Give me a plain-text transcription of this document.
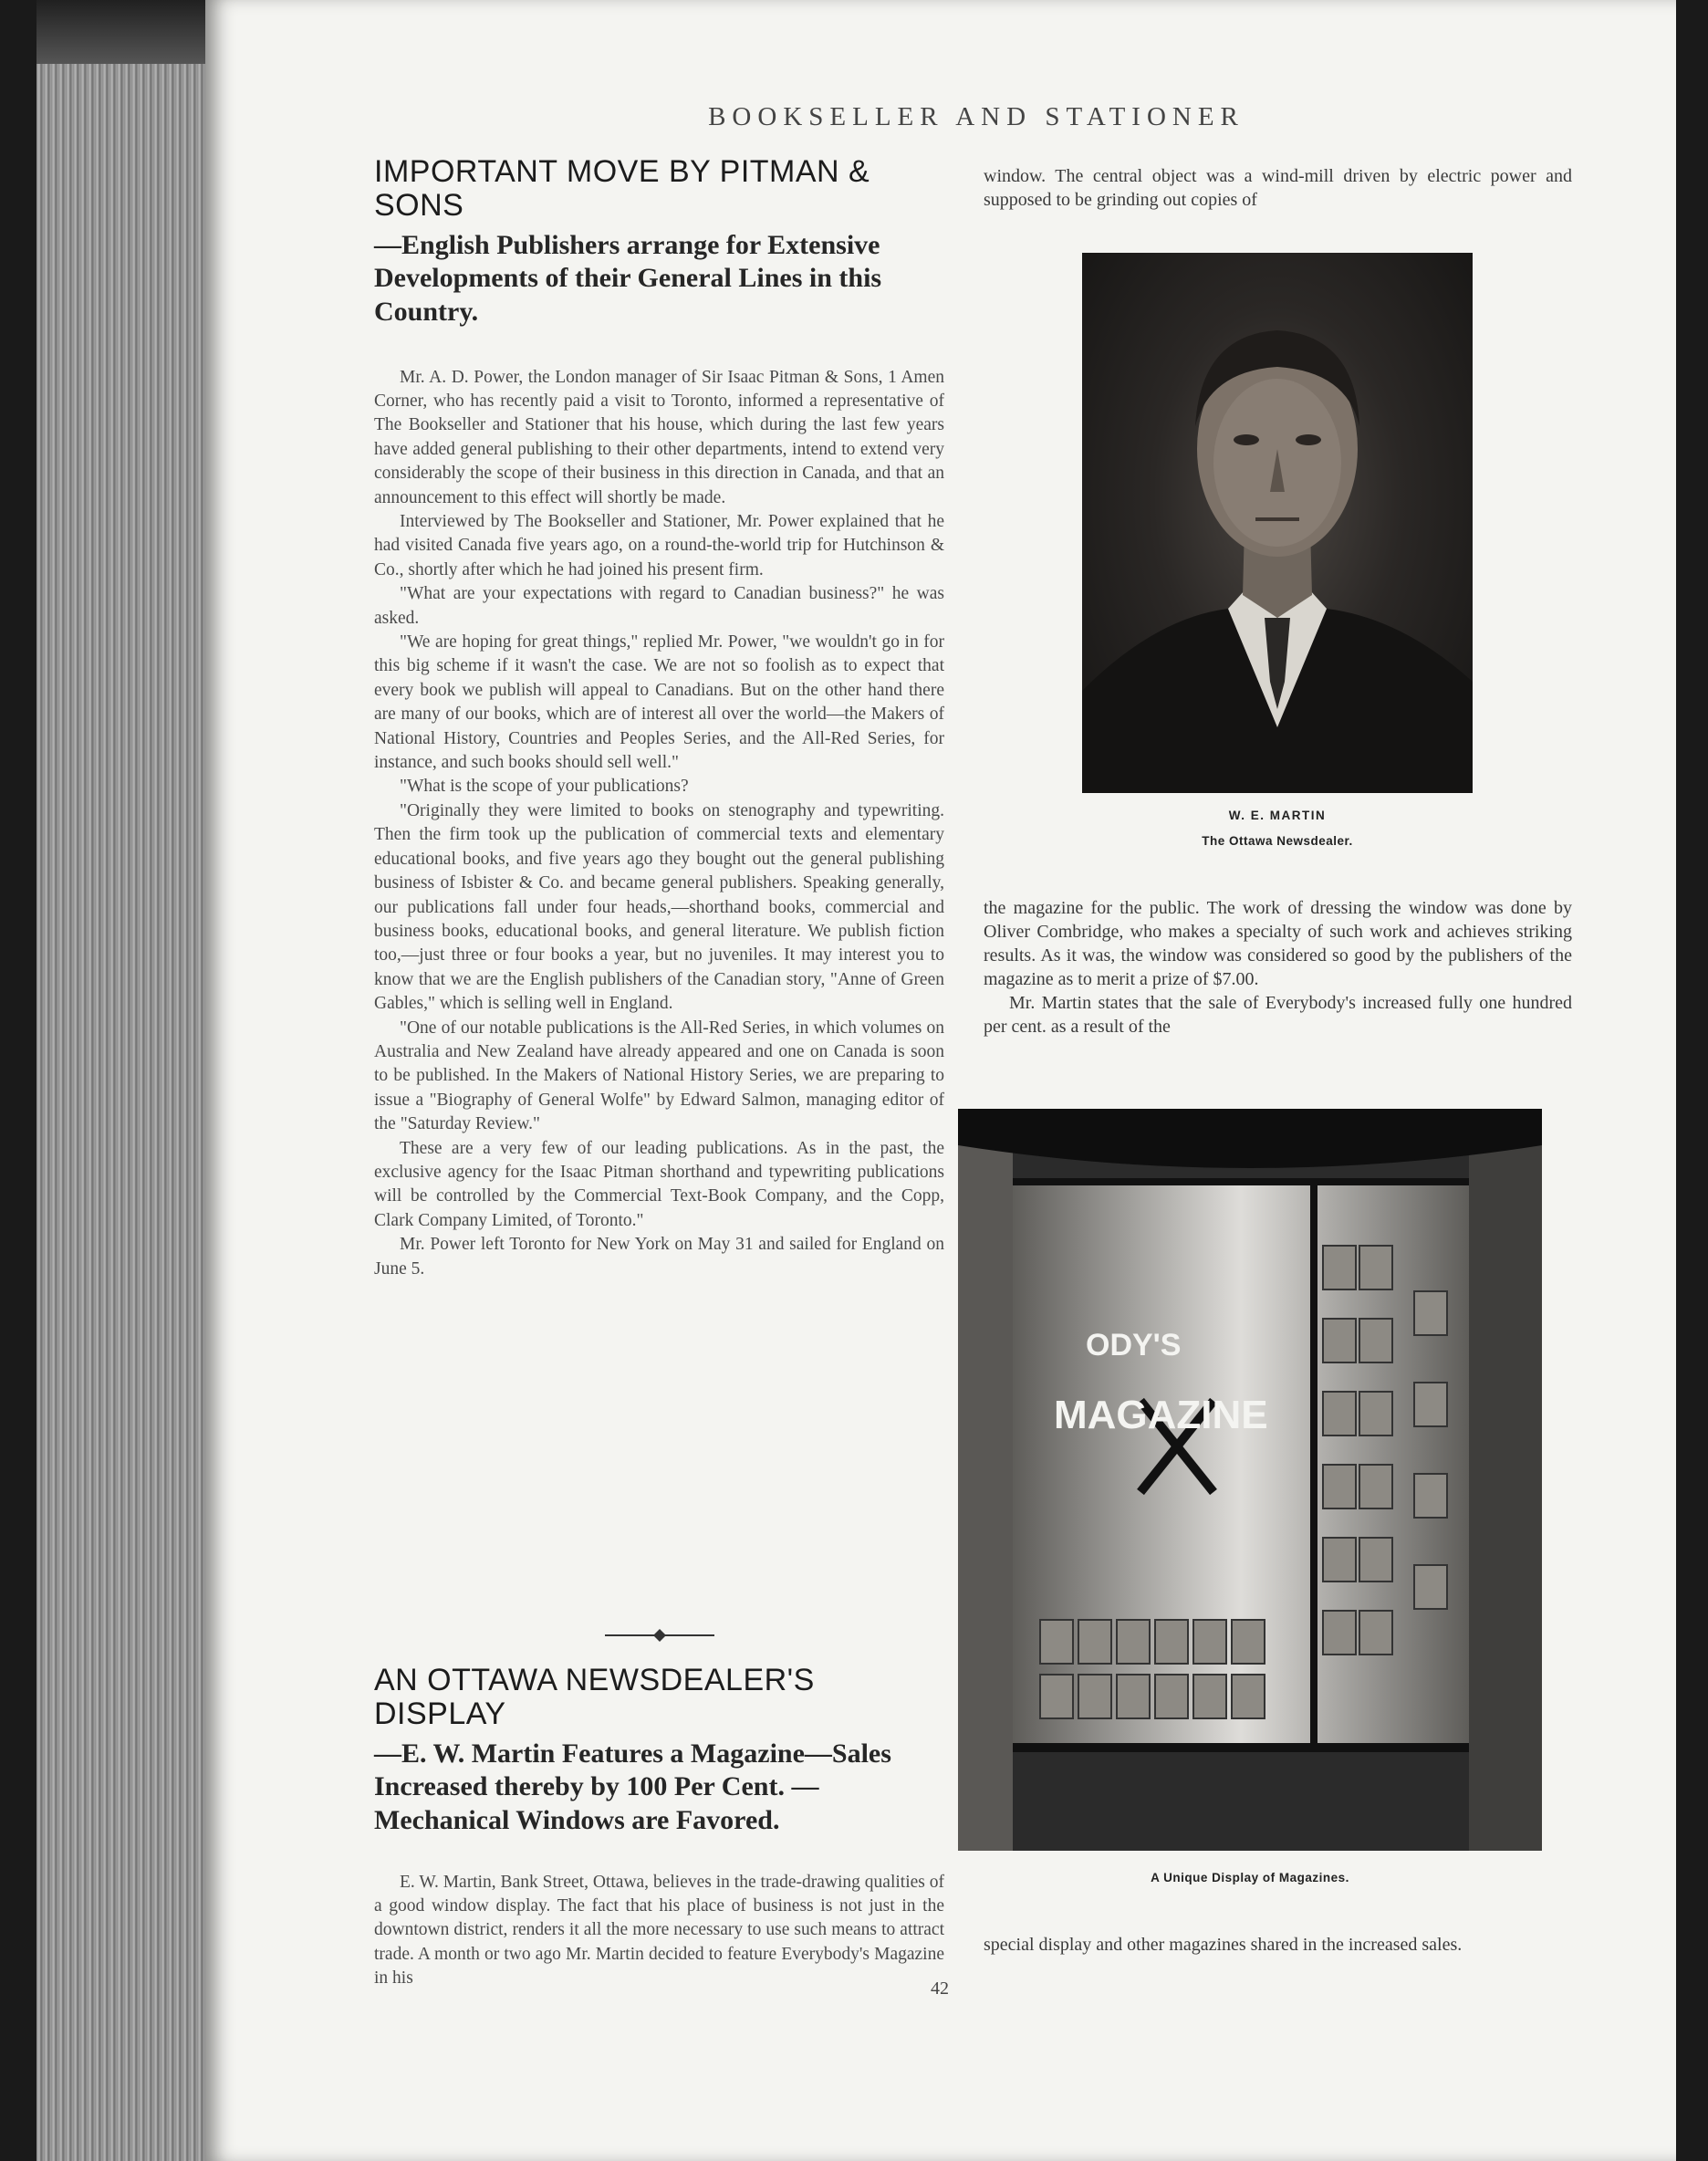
BOOKSELLER AND STATIONER
IMPORTANT MOVE BY PITMAN & SONS
—English Publishers arrange for Extensive Developments of their General Lines in this Country.

Mr. A. D. Power, the London manager of Sir Isaac Pitman & Sons, 1 Amen Corner, who has recently paid a visit to Toronto, informed a representative of The Bookseller and Stationer that his house, which during the last few years have added general publishing to their other departments, intend to extend very considerably the scope of their business in this direction in Canada, and that an announcement to this effect will shortly be made.

Interviewed by The Bookseller and Stationer, Mr. Power explained that he had visited Canada five years ago, on a round-the-world trip for Hutchinson & Co., shortly after which he had joined his present firm.

"What are your expectations with regard to Canadian business?" he was asked.

"We are hoping for great things," replied Mr. Power, "we wouldn't go in for this big scheme if it wasn't the case. We are not so foolish as to expect that every book we publish will appeal to Canadians. But on the other hand there are many of our books, which are of interest all over the world—the Makers of National History, Countries and Peoples Series, and the All-Red Series, for instance, and such books should sell well."

"What is the scope of your publications?

"Originally they were limited to books on stenography and typewriting. Then the firm took up the publication of commercial texts and elementary educational books, and five years ago they bought out the general publishing business of Isbister & Co. and became general publishers. Speaking generally, our publications fall under four heads,—shorthand books, commercial and business books, educational books, and general literature. We publish fiction too,—just three or four books a year, but no juveniles. It may interest you to know that we are the English publishers of the Canadian story, "Anne of Green Gables," which is selling well in England.

"One of our notable publications is the All-Red Series, in which volumes on Australia and New Zealand have already appeared and one on Canada is soon to be published. In the Makers of National History Series, we are preparing to issue a "Biography of General Wolfe" by Edward Salmon, managing editor of the "Saturday Review."

These are a very few of our leading publications. As in the past, the exclusive agency for the Isaac Pitman shorthand and typewriting publications will be controlled by the Commercial Text-Book Company, and the Copp, Clark Company Limited, of Toronto."

Mr. Power left Toronto for New York on May 31 and sailed for England on June 5.

AN OTTAWA NEWSDEALER'S DISPLAY
—E. W. Martin Features a Magazine—Sales Increased thereby by 100 Per Cent. — Mechanical Windows are Favored.

E. W. Martin, Bank Street, Ottawa, believes in the trade-drawing qualities of a good window display. The fact that his place of business is not just in the downtown district, renders it all the more necessary to use such means to attract trade. A month or two ago Mr. Martin decided to feature Everybody's Magazine in his

window. The central object was a wind-mill driven by electric power and supposed to be grinding out copies of
W. E. MARTIN
The Ottawa Newsdealer.

the magazine for the public. The work of dressing the window was done by Oliver Combridge, who makes a specialty of such work and achieves striking results. As it was, the window was considered so good by the publishers of the magazine as to merit a prize of $7.00.

Mr. Martin states that the sale of Everybody's increased fully one hundred per cent. as a result of the

ODY'S
MAGAZINE
A Unique Display of Magazines.
special display and other magazines shared in the increased sales.
42
